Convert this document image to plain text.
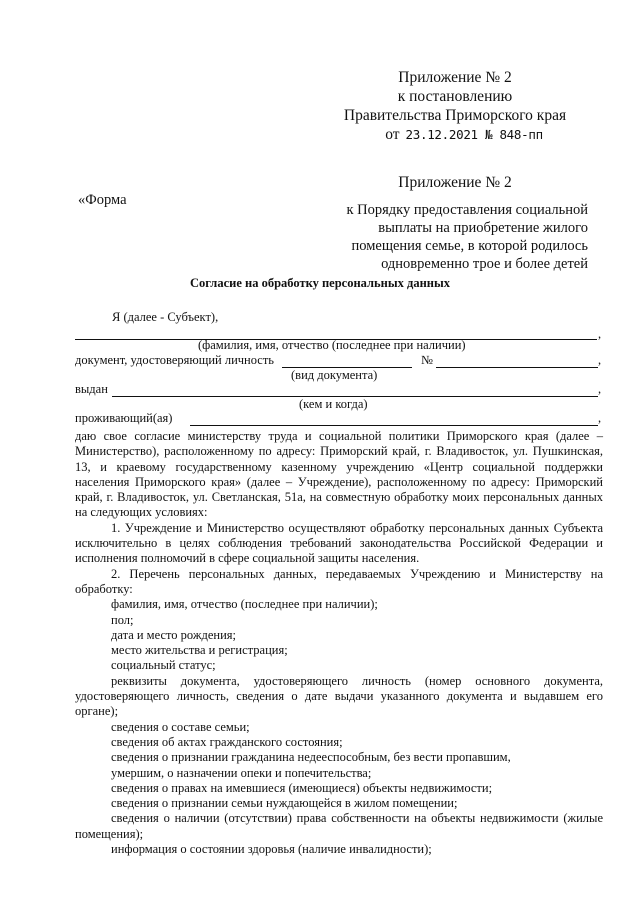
Приложение № 2
к постановлению
Правительства Приморского края
от 23.12.2021 № 848-пп
Приложение № 2
«Форма
к Порядку предоставления социальной
выплаты на приобретение жилого
помещения семье, в которой родилось
одновременно трое и более детей
Согласие на обработку персональных данных
Я (далее - Субъект),
,
(фамилия, имя, отчество (последнее при наличии)
документ, удостоверяющий личность	№	,
(вид документа)
выдан	,
(кем и когда)
проживающий(ая)	,

даю свое согласие министерству труда и социальной политики Приморского края (далее – Министерство), расположенному по адресу: Приморский край, г. Владивосток, ул. Пушкинская, 13, и краевому государственному казенному учреждению «Центр социальной поддержки населения Приморского края» (далее – Учреждение), расположенному по адресу: Приморский край, г. Владивосток, ул. Светланская, 51а, на совместную обработку моих персональных данных на следующих условиях:

1. Учреждение и Министерство осуществляют обработку персональных данных Субъекта исключительно в целях соблюдения требований законодательства Российской Федерации и исполнения полномочий в сфере социальной защиты населения.

2. Перечень персональных данных, передаваемых Учреждению и Министерству на обработку:

фамилия, имя, отчество (последнее при наличии);

пол;

дата и место рождения;

место жительства и регистрация;

социальный статус;

реквизиты документа, удостоверяющего личность (номер основного документа, удостоверяющего личность, сведения о дате выдачи указанного документа и выдавшем его органе);

сведения о составе семьи;

сведения об актах гражданского состояния;

сведения о признании гражданина недееспособным, без вести пропавшим,

умершим, о назначении опеки и попечительства;

сведения о правах на имевшиеся (имеющиеся) объекты недвижимости;

сведения о признании семьи нуждающейся в жилом помещении;

сведения о наличии (отсутствии) права собственности на объекты недвижимости (жилые помещения);

информация о состоянии здоровья (наличие инвалидности);
